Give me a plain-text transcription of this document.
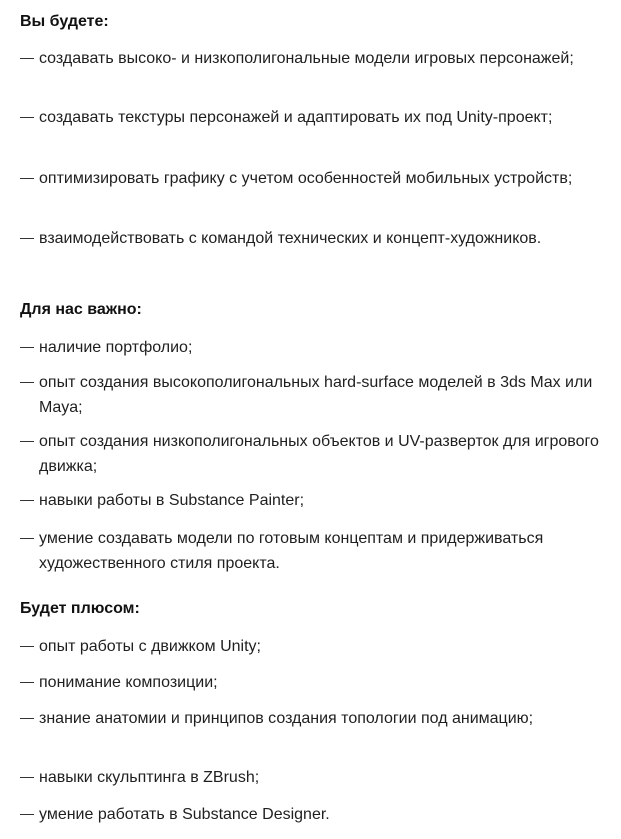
Вы будете:
создавать высоко- и низкополигональные модели игровых персонажей;
создавать текстуры персонажей и адаптировать их под Unity-проект;
оптимизировать графику с учетом особенностей мобильных устройств;
взаимодействовать с командой технических и концепт-художников.
Для нас важно:
наличие портфолио;
опыт создания высокополигональных hard-surface моделей в 3ds Max или Maya;
опыт создания низкополигональных объектов и UV-разверток для игрового движка;
навыки работы в Substance Painter;
умение создавать модели по готовым концептам и придерживаться художественного стиля проекта.
Будет плюсом:
опыт работы с движком Unity;
понимание композиции;
знание анатомии и принципов создания топологии под анимацию;
навыки скульптинга в ZBrush;
умение работать в Substance Designer.
